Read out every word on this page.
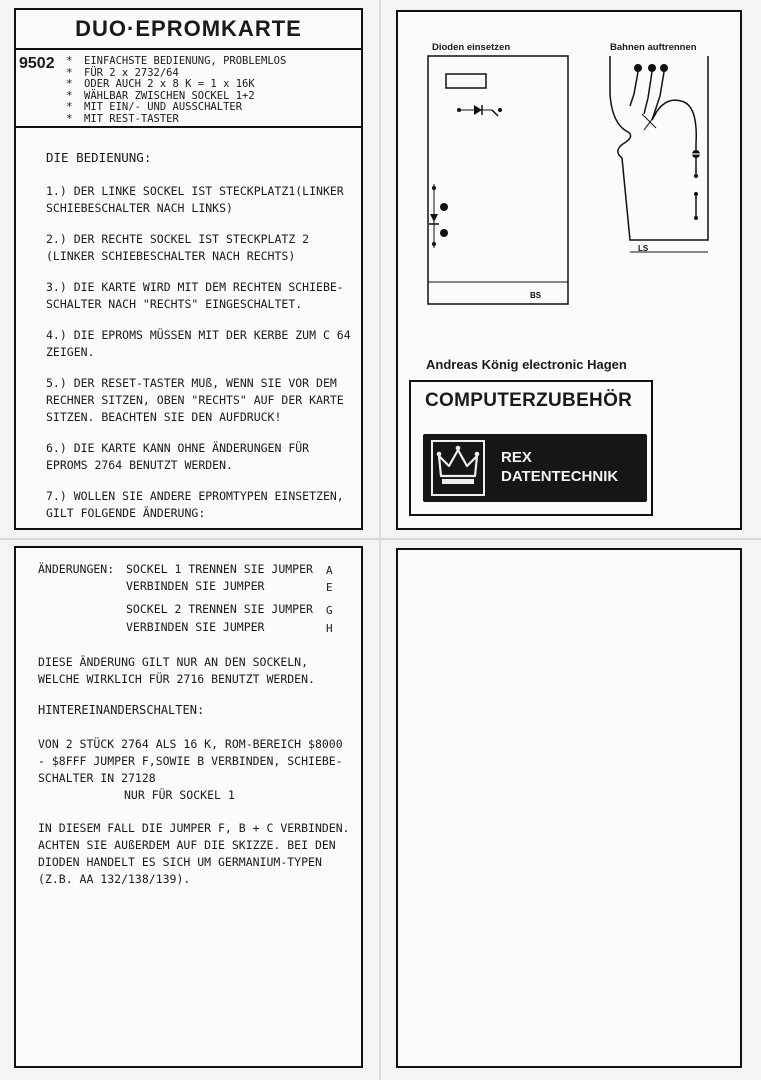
DUO·EPROMKARTE
9502
*	EINFACHSTE BEDIENUNG, PROBLEMLOS
* FÜR 2 x 2732/64
* ODER AUCH 2 x 8 K = 1 x 16K
* WÄHLBAR ZWISCHEN SOCKEL 1+2
* MIT EIN/- UND AUSSCHALTER
* MIT REST-TASTER
DIE BEDIENUNG:
1.) DER LINKE SOCKEL IST STECKPLATZ1(LINKER SCHIEBESCHALTER NACH LINKS)
2.) DER RECHTE SOCKEL IST STECKPLATZ 2 (LINKER SCHIEBESCHALTER NACH RECHTS)
3.) DIE KARTE WIRD MIT DEM RECHTEN SCHIEBE- SCHALTER NACH "RECHTS" EINGESCHALTET.
4.) DIE EPROMS MÜSSEN MIT DER KERBE ZUM C 64 ZEIGEN.
5.) DER RESET-TASTER MUß, WENN SIE VOR DEM RECHNER SITZEN, OBEN "RECHTS" AUF DER KARTE SITZEN. BEACHTEN SIE DEN AUFDRUCK!
6.) DIE KARTE KANN OHNE ÄNDERUNGEN FÜR EPROMS 2764 BENUTZT WERDEN.
7.) WOLLEN SIE ANDERE EPROMTYPEN EINSETZEN, GILT FOLGENDE ÄNDERUNG:
Dioden einsetzen	Bahnen auftrennen
BS
LS
Andreas König electronic Hagen
COMPUTERZUBEHÖR
REX
DATENTECHNIK
ÄNDERUNGEN: SOCKEL 1 TRENNEN SIE JUMPER A
VERBINDEN SIE JUMPER	E
SOCKEL 2 TRENNEN SIE JUMPER G
VERBINDEN SIE JUMPER	H
DIESE ÄNDERUNG GILT NUR AN DEN SOCKELN, WELCHE WIRKLICH FÜR 2716 BENUTZT WERDEN.
HINTEREINANDERSCHALTEN:
VON 2 STÜCK 2764 ALS 16 K, ROM-BEREICH $8000 - $8FFF JUMPER F,SOWIE B VERBINDEN, SCHIEBE- SCHALTER IN 27128
NUR FÜR SOCKEL 1
IN DIESEM FALL DIE JUMPER F, B + C VERBINDEN. ACHTEN SIE AUßERDEM AUF DIE SKIZZE. BEI DEN DIODEN HANDELT ES SICH UM GERMANIUM-TYPEN (Z.B. AA 132/138/139).
